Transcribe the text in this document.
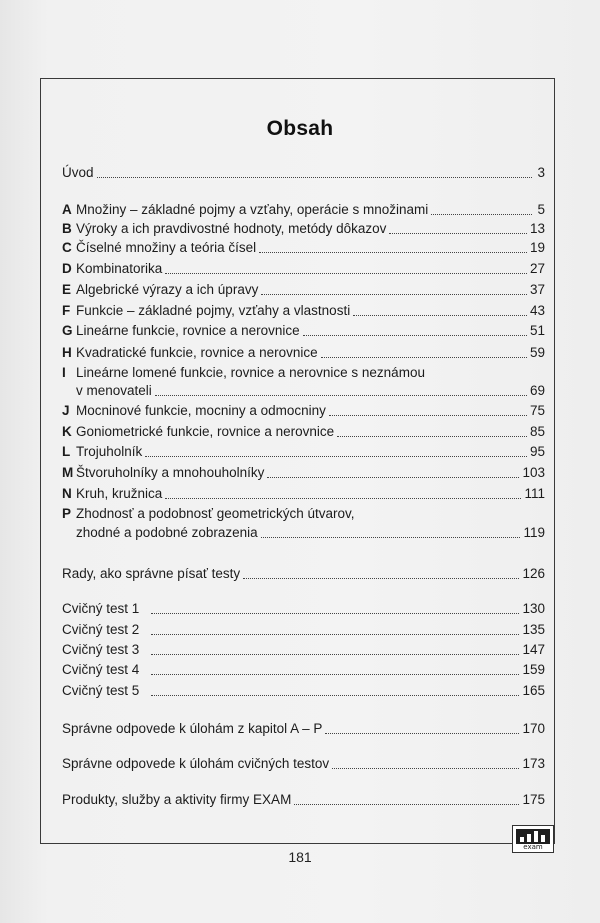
Obsah
Úvod	3
A Množiny – základné pojmy a vzťahy, operácie s množinami	5
B Výroky a ich pravdivostné hodnoty, metódy dôkazov	13
C Číselné množiny a teória čísel	19
D Kombinatorika	27
E Algebrické výrazy a ich úpravy	37
F Funkcie – základné pojmy, vzťahy a vlastnosti	43
G Lineárne funkcie, rovnice a nerovnice	51
H Kvadratické funkcie, rovnice a nerovnice	59
I Lineárne lomené funkcie, rovnice a nerovnice s neznámou
v menovateli	69
J Mocninové funkcie, mocniny a odmocniny	75
K Goniometrické funkcie, rovnice a nerovnice	85
L Trojuholník	95
M Štvoruholníky a mnohouholníky	103
N Kruh, kružnica	111
P Zhodnosť a podobnosť geometrických útvarov,
zhodné a podobné zobrazenia	119
Rady, ako správne písať testy	126
Cvičný test 1	130
Cvičný test 2	135
Cvičný test 3	147
Cvičný test 4	159
Cvičný test 5	165
Správne odpovede k úlohám z kapitol A – P	170
Správne odpovede k úlohám cvičných testov	173
Produkty, služby a aktivity firmy EXAM	175
exam
181
